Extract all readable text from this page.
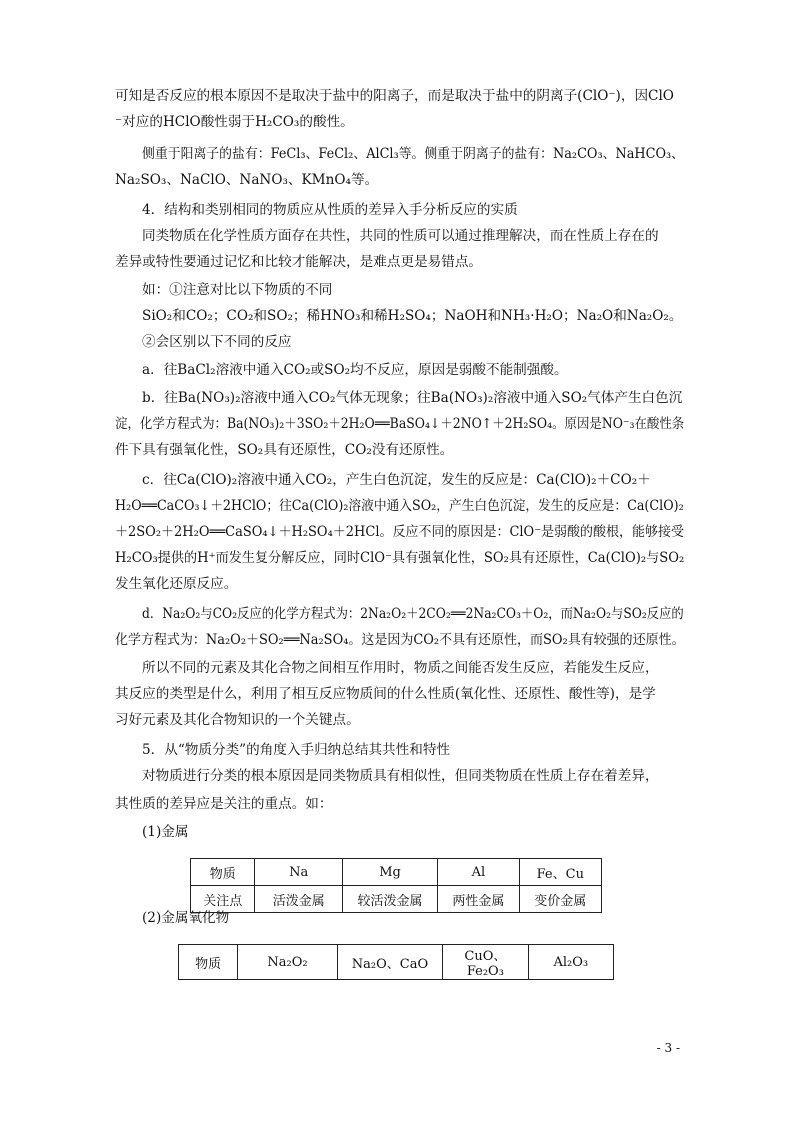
可知是否反应的根本原因不是取决于盐中的阳离子，而是取决于盐中的阴离子(ClO⁻)，因ClO
⁻对应的HClO酸性弱于H₂CO₃的酸性。
侧重于阳离子的盐有：FeCl₃、FeCl₂、AlCl₃等。侧重于阴离子的盐有：Na₂CO₃、NaHCO₃、
Na₂SO₃、NaClO、NaNO₃、KMnO₄等。
4．结构和类别相同的物质应从性质的差异入手分析反应的实质
同类物质在化学性质方面存在共性，共同的性质可以通过推理解决，而在性质上存在的
差异或特性要通过记忆和比较才能解决，是难点更是易错点。
如：①注意对比以下物质的不同
SiO₂和CO₂；CO₂和SO₂；稀HNO₃和稀H₂SO₄；NaOH和NH₃·H₂O；Na₂O和Na₂O₂。
②会区别以下不同的反应
a．往BaCl₂溶液中通入CO₂或SO₂均不反应，原因是弱酸不能制强酸。
b．往Ba(NO₃)₂溶液中通入CO₂气体无现象；往Ba(NO₃)₂溶液中通入SO₂气体产生白色沉
淀，化学方程式为：Ba(NO₃)₂＋3SO₂＋2H₂O══BaSO₄↓＋2NO↑＋2H₂SO₄。原因是NO⁻₃在酸性条
件下具有强氧化性，SO₂具有还原性，CO₂没有还原性。
c．往Ca(ClO)₂溶液中通入CO₂，产生白色沉淀，发生的反应是：Ca(ClO)₂＋CO₂＋
H₂O══CaCO₃↓＋2HClO；往Ca(ClO)₂溶液中通入SO₂，产生白色沉淀，发生的反应是：Ca(ClO)₂
＋2SO₂＋2H₂O══CaSO₄↓＋H₂SO₄＋2HCl。反应不同的原因是：ClO⁻是弱酸的酸根，能够接受
H₂CO₃提供的H⁺而发生复分解反应，同时ClO⁻具有强氧化性，SO₂具有还原性，Ca(ClO)₂与SO₂
发生氧化还原反应。
d．Na₂O₂与CO₂反应的化学方程式为：2Na₂O₂＋2CO₂══2Na₂CO₃＋O₂，而Na₂O₂与SO₂反应的
化学方程式为：Na₂O₂＋SO₂══Na₂SO₄。这是因为CO₂不具有还原性，而SO₂具有较强的还原性。
所以不同的元素及其化合物之间相互作用时，物质之间能否发生反应，若能发生反应，
其反应的类型是什么，利用了相互反应物质间的什么性质(氧化性、还原性、酸性等)，是学
习好元素及其化合物知识的一个关键点。
5．从“物质分类”的角度入手归纳总结其共性和特性
对物质进行分类的根本原因是同类物质具有相似性，但同类物质在性质上存在着差异，
其性质的差异应是关注的重点。如：
(1)金属
(2)金属氧化物
物质	Na	Mg	Al	Fe、Cu
关注点	活泼金属	较活泼金属	两性金属	变价金属
物质	Na₂O₂	Na₂O、CaO	CuO、Fe₂O₃	Al₂O₃
- 3 -
